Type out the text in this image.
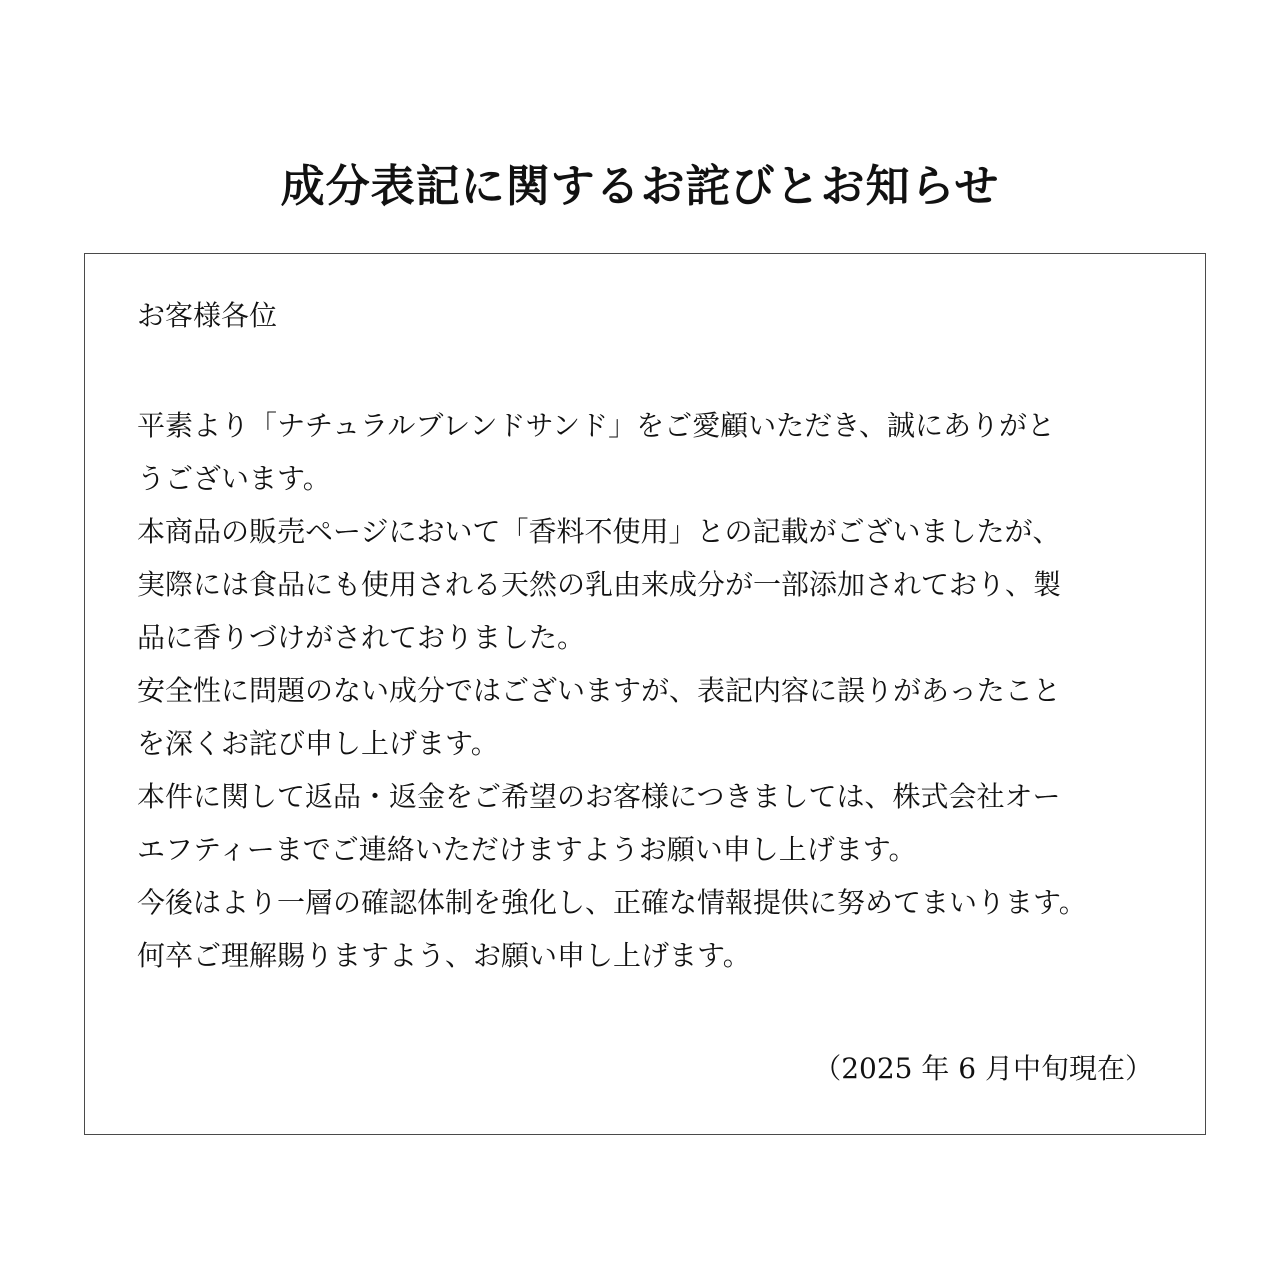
成分表記に関するお詫びとお知らせ
お客様各位
平素より「ナチュラルブレンドサンド」をご愛顧いただき、誠にありがと
うございます。
本商品の販売ページにおいて「香料不使用」との記載がございましたが、
実際には食品にも使用される天然の乳由来成分が一部添加されており、製
品に香りづけがされておりました。
安全性に問題のない成分ではございますが、表記内容に誤りがあったこと
を深くお詫び申し上げます。
本件に関して返品・返金をご希望のお客様につきましては、株式会社オー
エフティーまでご連絡いただけますようお願い申し上げます。
今後はより一層の確認体制を強化し、正確な情報提供に努めてまいります。
何卒ご理解賜りますよう、お願い申し上げます。
（2025 年 6 月中旬現在）
